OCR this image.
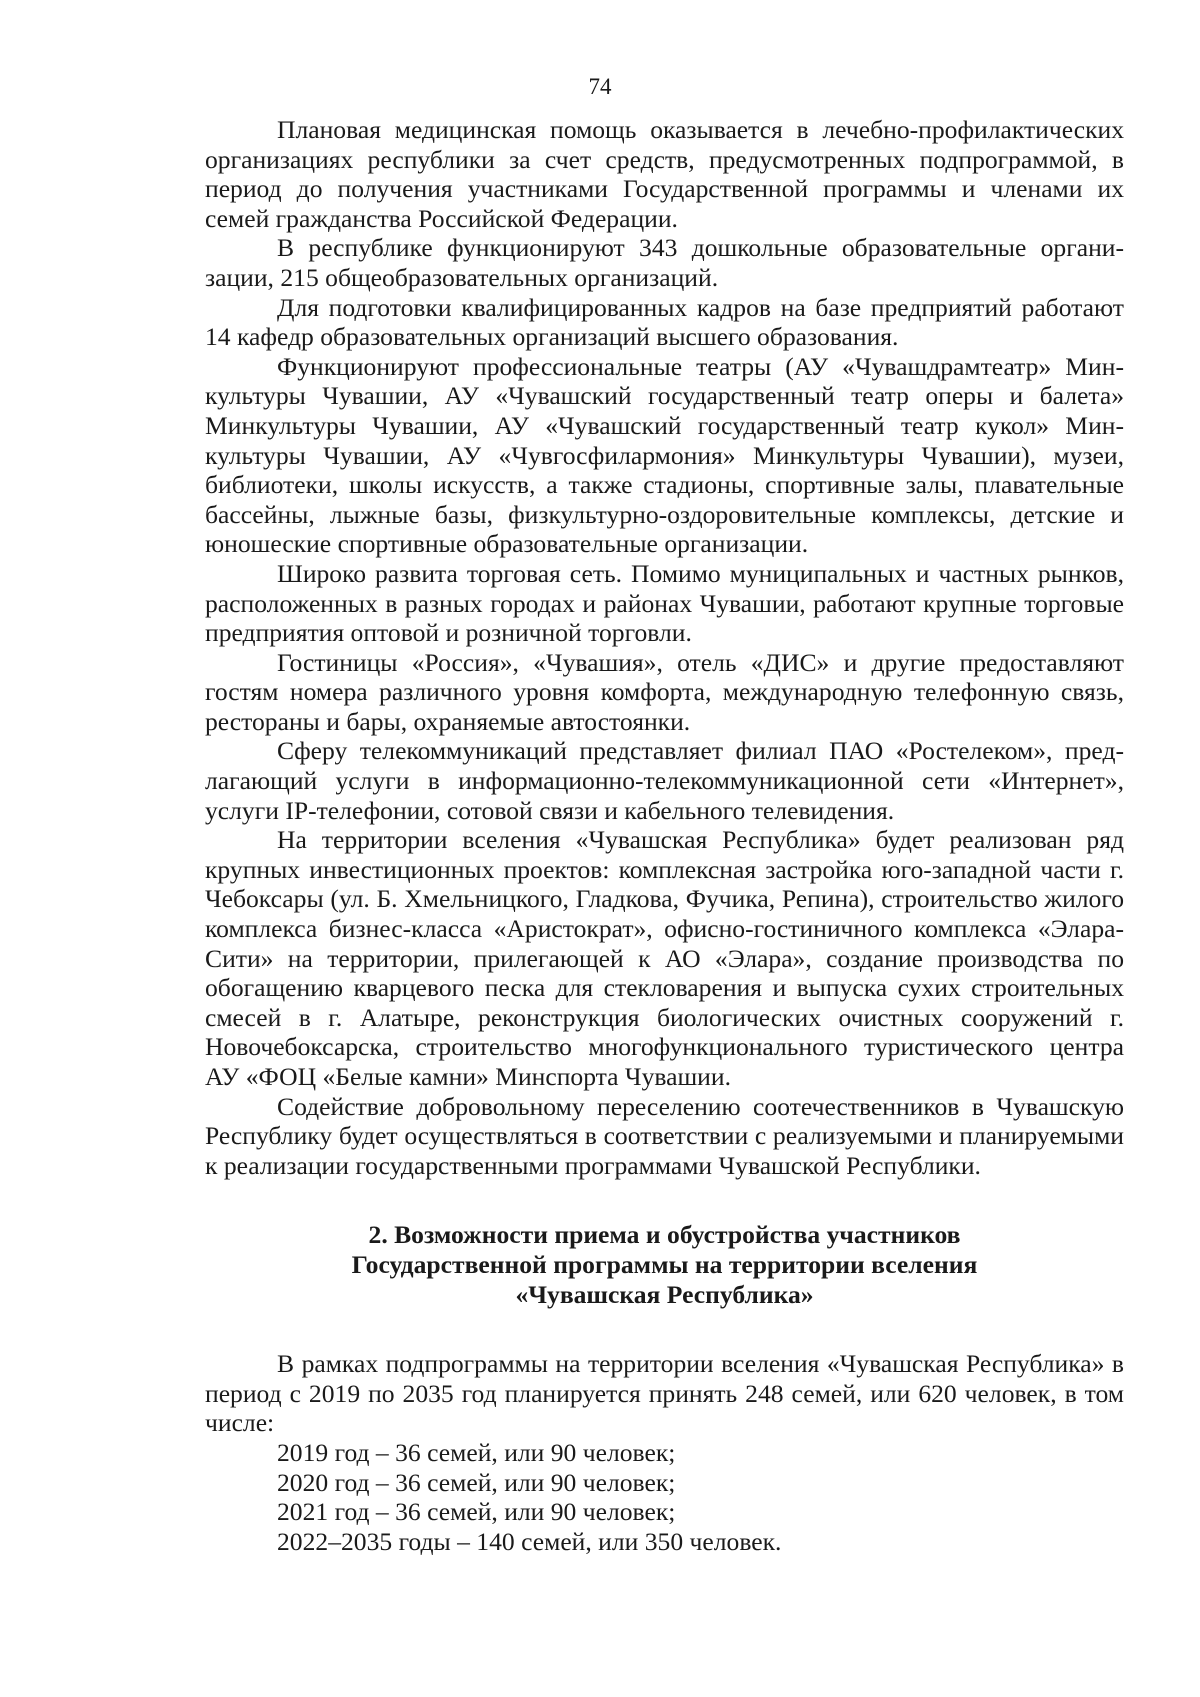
74

Плановая медицинская помощь оказывается в лечебно-профилактических организациях республики за счет средств, предусмотренных подпрограммой, в период до получения участниками Государственной программы и членами их семей гражданства Российской Федерации.

В республике функционируют 343 дошкольные образовательные организации, 215 общеобразовательных организаций.

Для подготовки квалифицированных кадров на базе предприятий работают 14 кафедр образовательных организаций высшего образования.

Функционируют профессиональные театры (АУ «Чувашдрамтеатр» Минкультуры Чувашии, АУ «Чувашский государственный театр оперы и балета» Минкультуры Чувашии, АУ «Чувашский государственный театр кукол» Минкультуры Чувашии, АУ «Чувгосфилармония» Минкультуры Чувашии), музеи, библиотеки, школы искусств, а также стадионы, спортивные залы, плавательные бассейны, лыжные базы, физкультурно-оздоровительные комплексы, детские и юношеские спортивные образовательные организации.

Широко развита торговая сеть. Помимо муниципальных и частных рынков, расположенных в разных городах и районах Чувашии, работают крупные торговые предприятия оптовой и розничной торговли.

Гостиницы «Россия», «Чувашия», отель «ДИС» и другие предоставляют гостям номера различного уровня комфорта, международную телефонную связь, рестораны и бары, охраняемые автостоянки.

Сферу телекоммуникаций представляет филиал ПАО «Ростелеком», предлагающий услуги в информационно-телекоммуникационной сети «Интернет», услуги IP-телефонии, сотовой связи и кабельного телевидения.

На территории вселения «Чувашская Республика» будет реализован ряд крупных инвестиционных проектов: комплексная застройка юго-западной части г. Чебоксары (ул. Б. Хмельницкого, Гладкова, Фучика, Репина), строительство жилого комплекса бизнес-класса «Аристократ», офисно-гостиничного комплекса «Элара-Сити» на территории, прилегающей к АО «Элара», создание производства по обогащению кварцевого песка для стекловарения и выпуска сухих строительных смесей в г. Алатыре, реконструкция биологических очистных сооружений г. Новочебоксарска, строительство многофункционального туристического центра АУ «ФОЦ «Белые камни» Минспорта Чувашии.

Содействие добровольному переселению соотечественников в Чувашскую Республику будет осуществляться в соответствии с реализуемыми и планируемыми к реализации государственными программами Чувашской Республики.

2. Возможности приема и обустройства участников
Государственной программы на территории вселения
«Чувашская Республика»

В рамках подпрограммы на территории вселения «Чувашская Республика» в период с 2019 по 2035 год планируется принять 248 семей, или 620 человек, в том числе:

2019 год – 36 семей, или 90 человек;
2020 год – 36 семей, или 90 человек;
2021 год – 36 семей, или 90 человек;
2022–2035 годы – 140 семей, или 350 человек.
